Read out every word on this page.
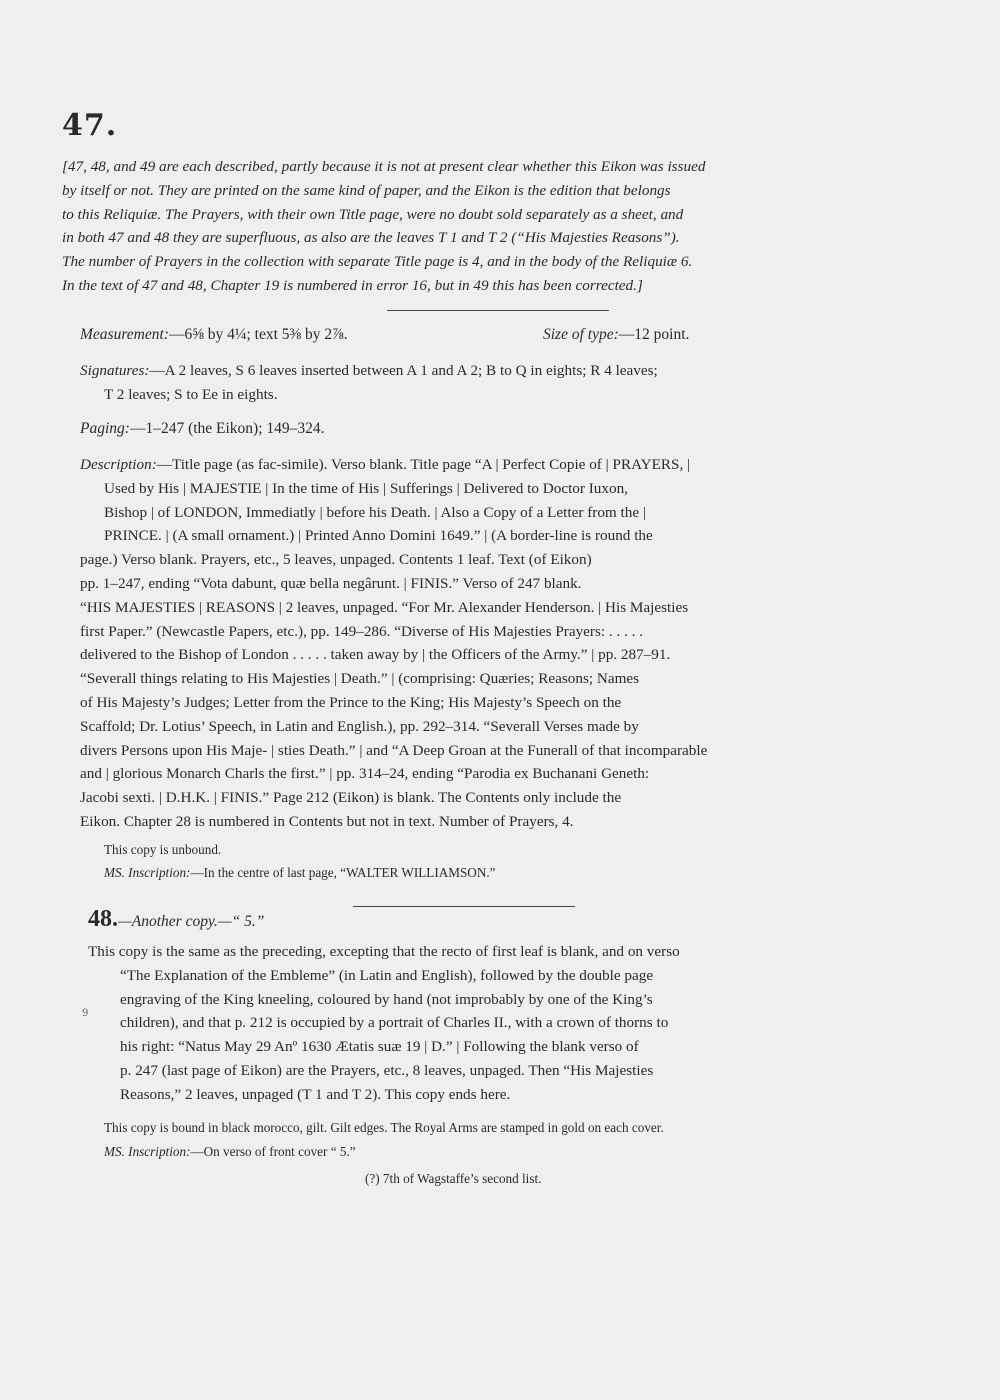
47.
[47, 48, and 49 are each described, partly because it is not at present clear whether this Eikon was issued
by itself or not. They are printed on the same kind of paper, and the Eikon is the edition that belongs
to this Reliquiæ. The Prayers, with their own Title page, were no doubt sold separately as a sheet, and
in both 47 and 48 they are superfluous, as also are the leaves T 1 and T 2 (“His Majesties Reasons”).
The number of Prayers in the collection with separate Title page is 4, and in the body of the Reliquiæ 6.
In the text of 47 and 48, Chapter 19 is numbered in error 16, but in 49 this has been corrected.]
Measurement:—6⅝ by 4¼; text 5⅜ by 2⅞.	Size of type:—12 point.
Signatures:—A 2 leaves, S 6 leaves inserted between A 1 and A 2; B to Q in eights; R 4 leaves;
T 2 leaves; S to Ee in eights.
Paging:—1–247 (the Eikon); 149–324.
Description:—Title page (as fac-simile). Verso blank. Title page “A | Perfect Copie of | PRAYERS, |
Used by His | MAJESTIE | In the time of His | Sufferings | Delivered to Doctor Iuxon,
Bishop | of LONDON, Immediatly | before his Death. | Also a Copy of a Letter from the |
PRINCE. | (A small ornament.) | Printed Anno Domini 1649.” | (A border-line is round the
page.) Verso blank. Prayers, etc., 5 leaves, unpaged. Contents 1 leaf. Text (of Eikon)
pp. 1–247, ending “Vota dabunt, quæ bella negârunt. | FINIS.” Verso of 247 blank.
“HIS MAJESTIES | REASONS | 2 leaves, unpaged. “For Mr. Alexander Henderson. | His Majesties
first Paper.” (Newcastle Papers, etc.), pp. 149–286. “Diverse of His Majesties Prayers: . . . . .
delivered to the Bishop of London . . . . . taken away by | the Officers of the Army.” | pp. 287–91.
“Severall things relating to His Majesties | Death.” | (comprising: Quæries; Reasons; Names
of His Majesty’s Judges; Letter from the Prince to the King; His Majesty’s Speech on the
Scaffold; Dr. Lotius’ Speech, in Latin and English.), pp. 292–314. “Severall Verses made by
divers Persons upon His Maje- | sties Death.” | and “A Deep Groan at the Funerall of that incomparable
and | glorious Monarch Charls the first.” | pp. 314–24, ending “Parodia ex Buchanani Geneth:
Jacobi sexti. | D.H.K. | FINIS.” Page 212 (Eikon) is blank. The Contents only include the
Eikon. Chapter 28 is numbered in Contents but not in text. Number of Prayers, 4.
This copy is unbound.
MS. Inscription:—In the centre of last page, “WALTER WILLIAMSON.”
48.—Another copy.—“ 5.”
9
This copy is the same as the preceding, excepting that the recto of first leaf is blank, and on verso
“The Explanation of the Embleme” (in Latin and English), followed by the double page
engraving of the King kneeling, coloured by hand (not improbably by one of the King’s
children), and that p. 212 is occupied by a portrait of Charles II., with a crown of thorns to
his right: “Natus May 29 Anº 1630 Ætatis suæ 19 | D.” | Following the blank verso of
p. 247 (last page of Eikon) are the Prayers, etc., 8 leaves, unpaged. Then “His Majesties
Reasons,” 2 leaves, unpaged (T 1 and T 2). This copy ends here.
This copy is bound in black morocco, gilt. Gilt edges. The Royal Arms are stamped in gold on each cover.
MS. Inscription:—On verso of front cover “ 5.”
(?) 7th of Wagstaffe’s second list.
